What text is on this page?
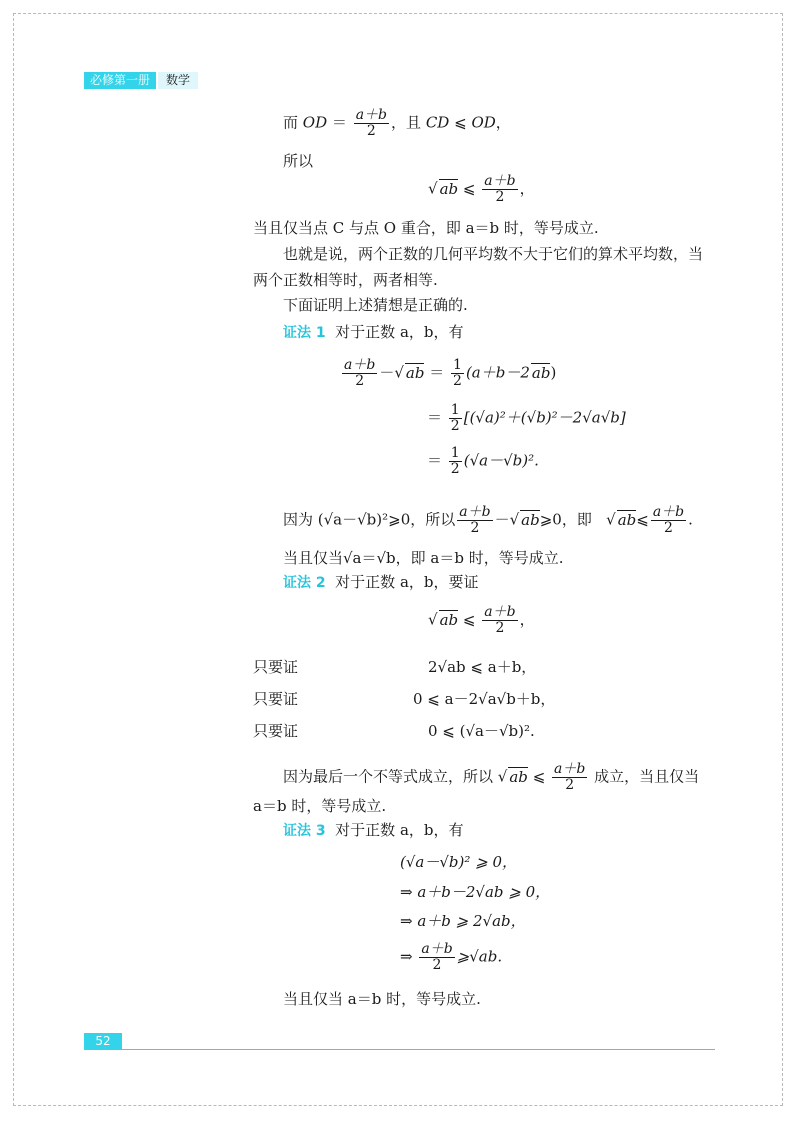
必修第一册	数学
而 OD ＝ $\frac{a+b}{2}$ ，且 CD ⩽ OD，
所以
√ ab ⩽ $\frac{a+b}{2}$ ，
当且仅当点 C 与点 O 重合，即 a＝b 时，等号成立.
也就是说，两个正数的几何平均数不大于它们的算术平均数，当
两个正数相等时，两者相等.
下面证明上述猜想是正确的.
证法 1 对于正数 a，b，有
$\frac{a+b}{2}$ －√ ab ＝ $\frac{1}{2} (a+b-2$ ab)
＝ $\frac{1}{2} [(√a)^2+(√b)^2-2√a√b]$
＝ $\frac{1}{2} (√a-√b)^2$.
因为 (√a－√b)²⩾0，所以 $\frac{a+b}{2}$ －√ ab⩾0，即 √ ab⩽ $\frac{a+b}{2}$ .
当且仅当√a＝√b，即 a＝b 时，等号成立.
证法 2 对于正数 a，b，要证
√ ab ⩽ $\frac{a+b}{2}$ ，
只要证	2√ab ⩽ a＋b，
只要证	0 ⩽ a－2√a√b＋b，
只要证	0 ⩽ (√a－√b)².
因为最后一个不等式成立，所以 √ ab ⩽ $\frac{a+b}{2}$ 成立，当且仅当
a＝b 时，等号成立.
证法 3 对于正数 a，b，有
(√a－√b)² ⩾ 0，
⇒ a＋b－2√ab ⩾ 0，
⇒ a＋b ⩾ 2√ab，
⇒ $\frac{a+b}{2}$ ⩾√ab.
当且仅当 a＝b 时，等号成立.
52
